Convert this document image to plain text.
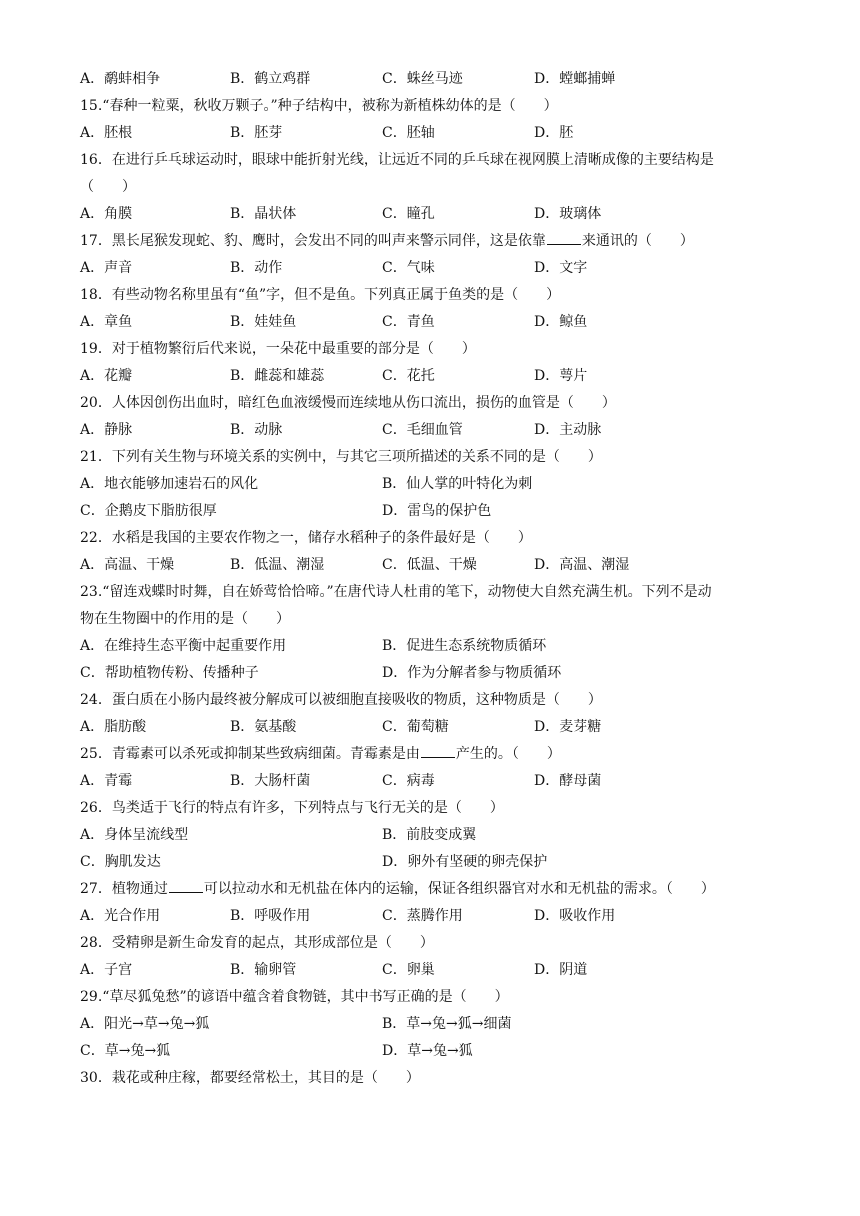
A．鹬蚌相争	B．鹤立鸡群	C．蛛丝马迹	D．螳螂捕蝉
15.“春种一粒粟，秋收万颗子。”种子结构中，被称为新植株幼体的是（　　）
A．胚根	B．胚芽	C．胚轴	D．胚
16．在进行乒乓球运动时，眼球中能折射光线，让远近不同的乒乓球在视网膜上清晰成像的主要结构是
（　　）
A．角膜	B．晶状体	C．瞳孔	D．玻璃体
17．黑长尾猴发现蛇、豹、鹰时，会发出不同的叫声来警示同伴，这是依靠	来通讯的（　　）
A．声音	B．动作	C．气味	D．文字
18．有些动物名称里虽有“鱼”字，但不是鱼。下列真正属于鱼类的是（　　）
A．章鱼	B．娃娃鱼	C．青鱼	D．鲸鱼
19．对于植物繁衍后代来说，一朵花中最重要的部分是（　　）
A．花瓣	B．雌蕊和雄蕊	C．花托	D．萼片
20．人体因创伤出血时，暗红色血液缓慢而连续地从伤口流出，损伤的血管是（　　）
A．静脉	B．动脉	C．毛细血管	D．主动脉
21．下列有关生物与环境关系的实例中，与其它三项所描述的关系不同的是（　　）
A．地衣能够加速岩石的风化	B．仙人掌的叶特化为刺
C．企鹅皮下脂肪很厚	D．雷鸟的保护色
22．水稻是我国的主要农作物之一，储存水稻种子的条件最好是（　　）
A．高温、干燥	B．低温、潮湿	C．低温、干燥	D．高温、潮湿
23.“留连戏蝶时时舞，自在娇莺恰恰啼。”在唐代诗人杜甫的笔下，动物使大自然充满生机。下列不是动
物在生物圈中的作用的是（　　）
A．在维持生态平衡中起重要作用	B．促进生态系统物质循环
C．帮助植物传粉、传播种子	D．作为分解者参与物质循环
24．蛋白质在小肠内最终被分解成可以被细胞直接吸收的物质，这种物质是（　　）
A．脂肪酸	B．氨基酸	C．葡萄糖	D．麦芽糖
25．青霉素可以杀死或抑制某些致病细菌。青霉素是由	产生的。（　　）
A．青霉	B．大肠杆菌	C．病毒	D．酵母菌
26．鸟类适于飞行的特点有许多，下列特点与飞行无关的是（　　）
A．身体呈流线型	B．前肢变成翼
C．胸肌发达	D．卵外有坚硬的卵壳保护
27．植物通过	可以拉动水和无机盐在体内的运输，保证各组织器官对水和无机盐的需求。（　　）
A．光合作用	B．呼吸作用	C．蒸腾作用	D．吸收作用
28．受精卵是新生命发育的起点，其形成部位是（　　）
A．子宫	B．输卵管	C．卵巢	D．阴道
29.“草尽狐兔愁”的谚语中蕴含着食物链，其中书写正确的是（　　）
A．阳光→草→兔→狐	B．草→兔→狐→细菌
C．草→兔→狐	D．草→兔→狐
30．栽花或种庄稼，都要经常松土，其目的是（　　）
